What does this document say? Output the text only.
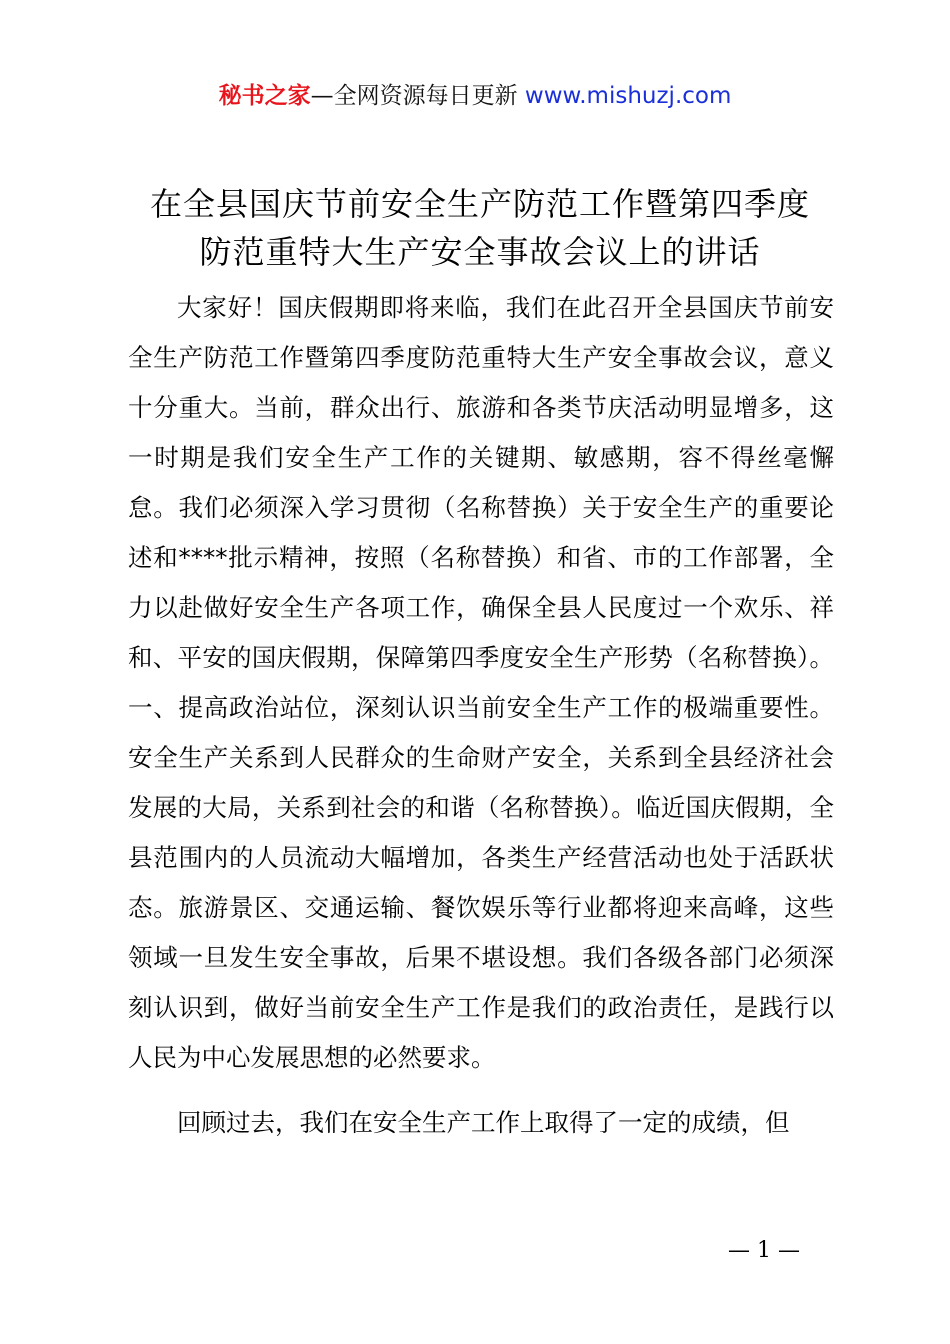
秘书之家—全网资源每日更新 www.mishuzj.com
在全县国庆节前安全生产防范工作暨第四季度
防范重特大生产安全事故会议上的讲话

大家好！国庆假期即将来临，我们在此召开全县国庆节前安全生产防范工作暨第四季度防范重特大生产安全事故会议，意义十分重大。当前，群众出行、旅游和各类节庆活动明显增多，这一时期是我们安全生产工作的关键期、敏感期，容不得丝毫懈怠。我们必须深入学习贯彻（名称替换）关于安全生产的重要论述和****批示精神，按照（名称替换）和省、市的工作部署，全力以赴做好安全生产各项工作，确保全县人民度过一个欢乐、祥和、平安的国庆假期，保障第四季度安全生产形势（名称替换）。一、提高政治站位，深刻认识当前安全生产工作的极端重要性。安全生产关系到人民群众的生命财产安全，关系到全县经济社会发展的大局，关系到社会的和谐（名称替换）。临近国庆假期，全县范围内的人员流动大幅增加，各类生产经营活动也处于活跃状态。旅游景区、交通运输、餐饮娱乐等行业都将迎来高峰，这些领域一旦发生安全事故，后果不堪设想。我们各级各部门必须深刻认识到，做好当前安全生产工作是我们的政治责任，是践行以人民为中心发展思想的必然要求。

回顾过去，我们在安全生产工作上取得了一定的成绩，但

— 1 —
